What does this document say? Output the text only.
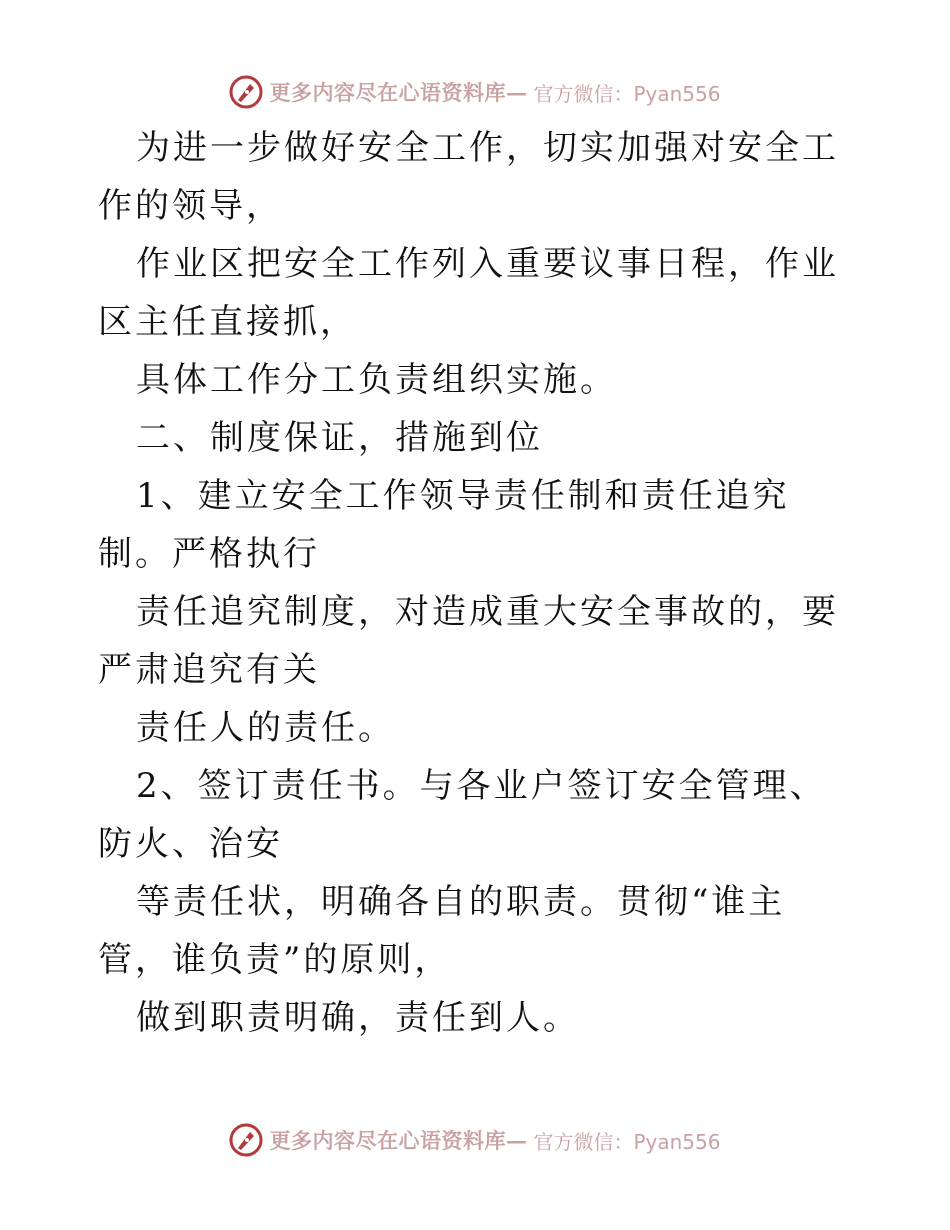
更多内容尽在心语资料库— 官方微信：Pyan556

为进一步做好安全工作，切实加强对安全工作的领导，

作业区把安全工作列入重要议事日程，作业区主任直接抓，

具体工作分工负责组织实施。

二、制度保证，措施到位

1、建立安全工作领导责任制和责任追究制。严格执行

责任追究制度，对造成重大安全事故的，要严肃追究有关

责任人的责任。

2、签订责任书。与各业户签订安全管理、防火、治安

等责任状，明确各自的职责。贯彻“谁主管，谁负责”的原则，

做到职责明确，责任到人。

更多内容尽在心语资料库— 官方微信：Pyan556
